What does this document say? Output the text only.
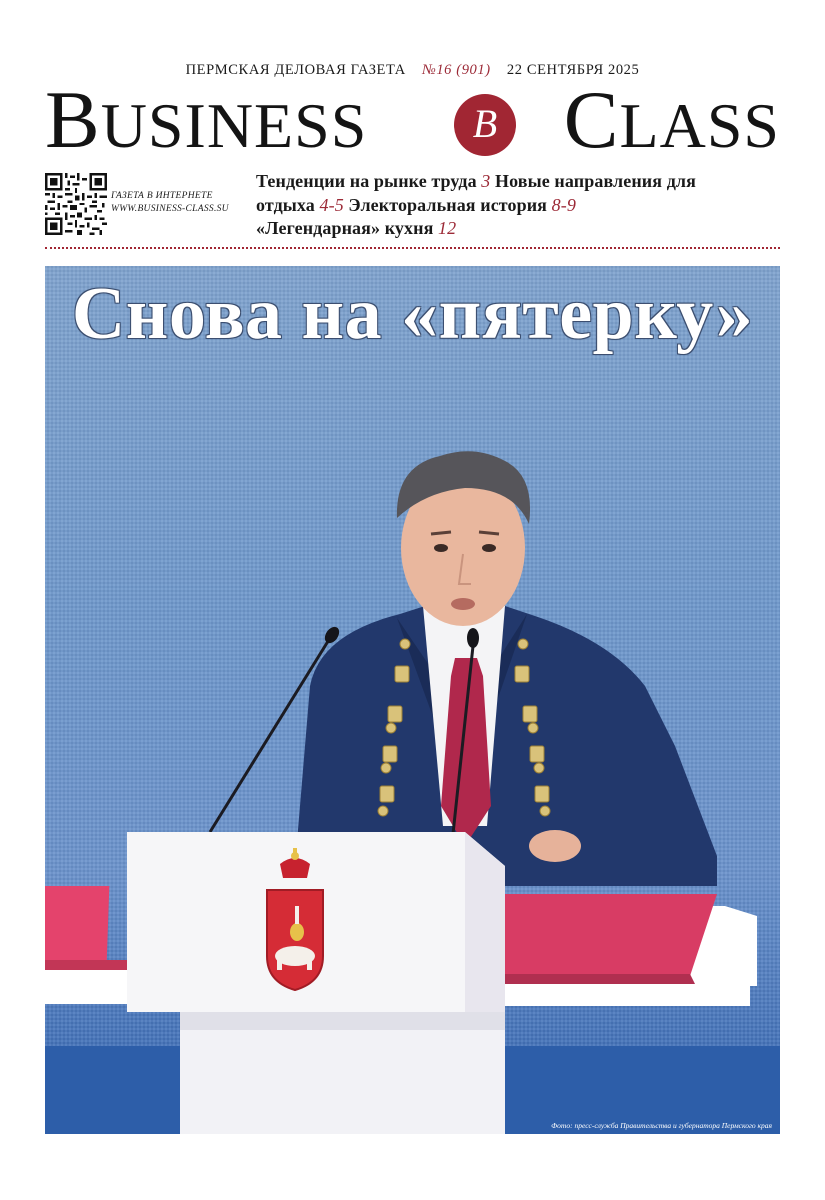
ПЕРМСКАЯ ДЕЛОВАЯ ГАЗЕТА №16 (901) 22 СЕНТЯБРЯ 2025
BUSINESS	B CLASS
ГАЗЕТА В ИНТЕРНЕТЕ
WWW.BUSINESS-CLASS.SU
Тенденции на рынке труда 3 Новые направления для отдыха 4-5 Электоральная история 8-9
«Легендарная» кухня 12
Снова на «пятерку»
Фото: пресс-служба Правительства и губернатора Пермского края
